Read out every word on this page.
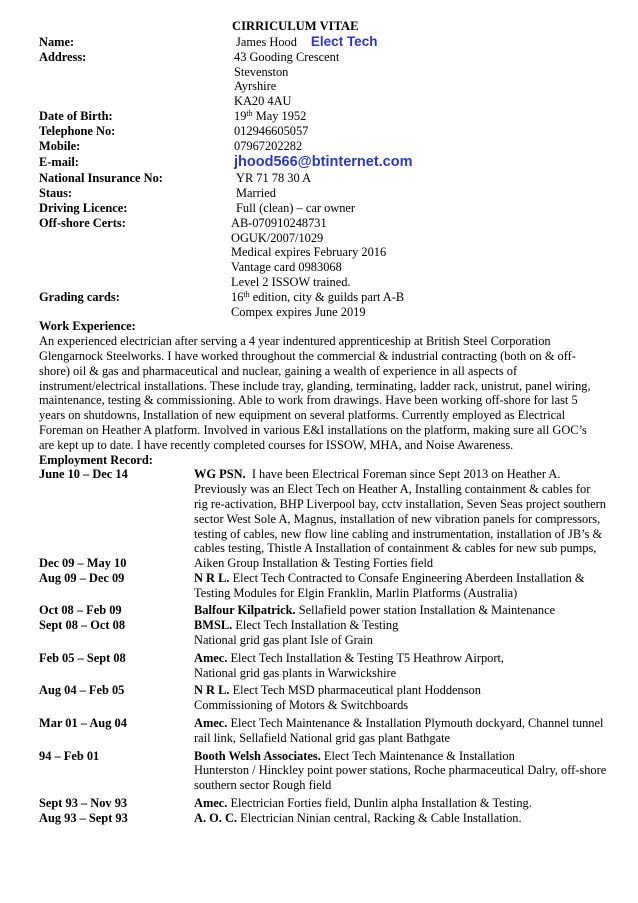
CIRRICULUM VITAE
Name:	James Hood Elect Tech
Address:	43 Gooding Crescent
Stevenston
Ayrshire
KA20 4AU
Date of Birth:	19th May 1952
Telephone No:	012946605057
Mobile:	07967202282
E-mail:	jhood566@btinternet.com
National Insurance No:	YR 71 78 30 A
Staus:	Married
Driving Licence:	Full (clean) – car owner
Off-shore Certs:	AB-070910248731
OGUK/2007/1029
Medical expires February 2016
Vantage card 0983068
Level 2 ISSOW trained.
Grading cards:	16th edition, city & guilds part A-B
Compex expires June 2019
Work Experience:
An experienced electrician after serving a 4 year indentured apprenticeship at British Steel Corporation
Glengarnock Steelworks. I have worked throughout the commercial & industrial contracting (both on & off-
shore) oil & gas and pharmaceutical and nuclear, gaining a wealth of experience in all aspects of
instrument/electrical installations. These include tray, glanding, terminating, ladder rack, unistrut, panel wiring,
maintenance, testing & commissioning. Able to work from drawings. Have been working off-shore for last 5
years on shutdowns, Installation of new equipment on several platforms. Currently employed as Electrical
Foreman on Heather A platform. Involved in various E&I installations on the platform, making sure all GOC’s
are kept up to date. I have recently completed courses for ISSOW, MHA, and Noise Awareness.
Employment Record:
June 10 – Dec 14	WG PSN.  I have been Electrical Foreman since Sept 2013 on Heather A.
Previously was an Elect Tech on Heather A, Installing containment & cables for
rig re-activation, BHP Liverpool bay, cctv installation, Seven Seas project southern
sector West Sole A, Magnus, installation of new vibration panels for compressors,
testing of cables, new flow line cabling and instrumentation, installation of JB’s &
cables testing, Thistle A Installation of containment & cables for new sub pumps,
Dec 09 – May 10	Aiken Group Installation & Testing Forties field
Aug 09 – Dec 09	N R L. Elect Tech Contracted to Consafe Engineering Aberdeen Installation &
Testing Modules for Elgin Franklin, Marlin Platforms (Australia)
Oct 08 – Feb 09	Balfour Kilpatrick. Sellafield power station Installation & Maintenance
Sept 08 – Oct 08	BMSL. Elect Tech Installation & Testing
National grid gas plant Isle of Grain
Feb 05 – Sept 08	Amec. Elect Tech Installation & Testing T5 Heathrow Airport,
National grid gas plants in Warwickshire
Aug 04 – Feb 05	N R L. Elect Tech MSD pharmaceutical plant Hoddenson
Commissioning of Motors & Switchboards
Mar 01 – Aug 04	Amec. Elect Tech Maintenance & Installation Plymouth dockyard, Channel tunnel
rail link, Sellafield National grid gas plant Bathgate
94 – Feb 01	Booth Welsh Associates. Elect Tech Maintenance & Installation
Hunterston / Hinckley point power stations, Roche pharmaceutical Dalry, off-shore
southern sector Rough field
Sept 93 – Nov 93	Amec. Electrician Forties field, Dunlin alpha Installation & Testing.
Aug 93 – Sept 93	A. O. C. Electrician Ninian central, Racking & Cable Installation.
